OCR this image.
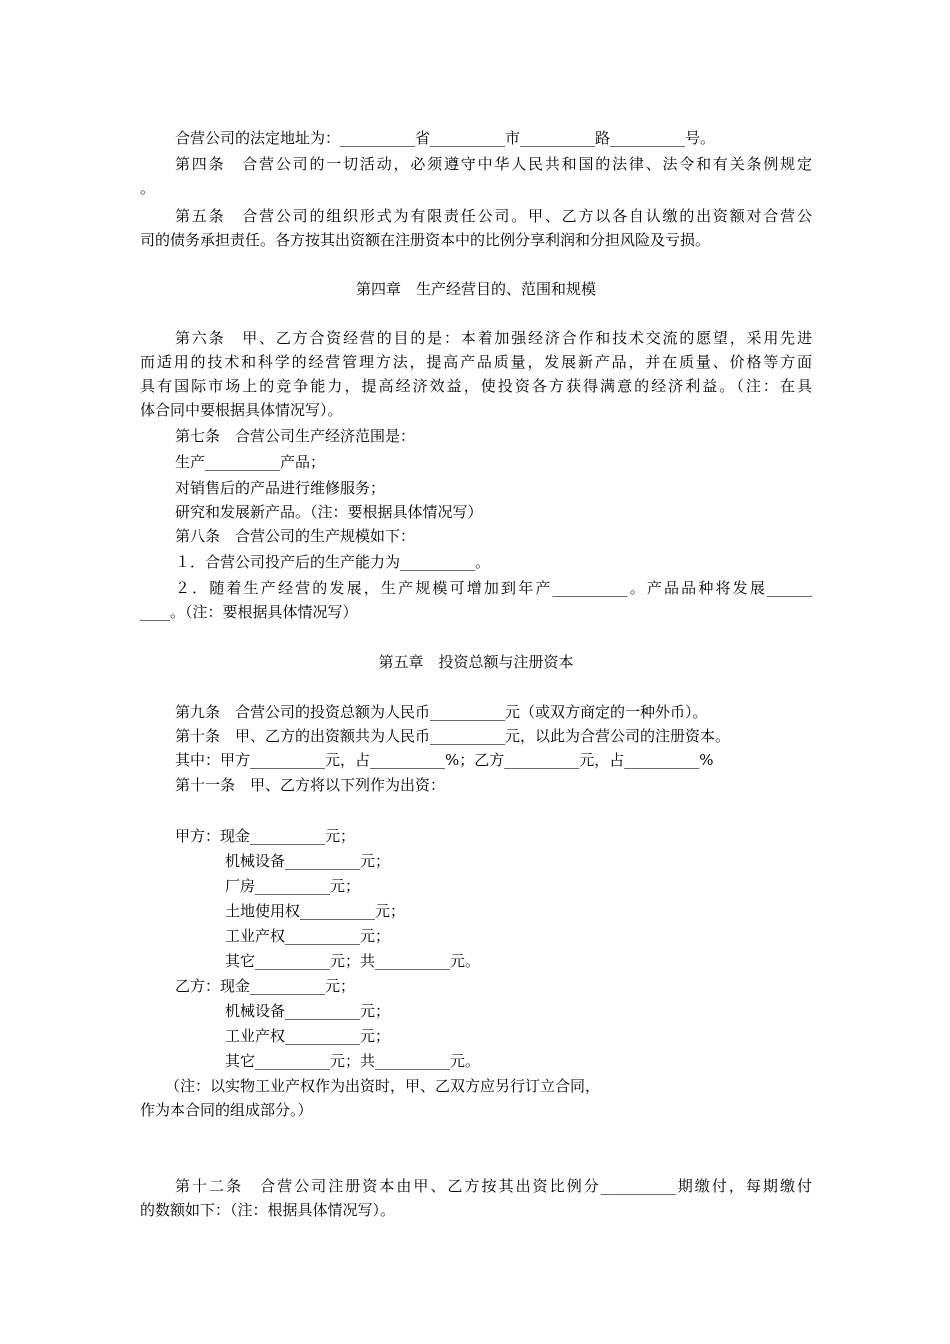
合营公司的法定地址为：__________省__________市__________路__________号。

第四条　合营公司的一切活动，必须遵守中华人民共和国的法律、法令和有关条例规定

。

第五条　合营公司的组织形式为有限责任公司。甲、乙方以各自认缴的出资额对合营公

司的债务承担责任。各方按其出资额在注册资本中的比例分享利润和分担风险及亏损。

第四章　生产经营目的、范围和规模

第六条　甲、乙方合资经营的目的是：本着加强经济合作和技术交流的愿望，采用先进

而适用的技术和科学的经营管理方法，提高产品质量，发展新产品，并在质量、价格等方面

具有国际市场上的竞争能力，提高经济效益，使投资各方获得满意的经济利益。（注：在具

体合同中要根据具体情况写）。

第七条　合营公司生产经济范围是：

生产__________产品；

对销售后的产品进行维修服务；

研究和发展新产品。（注：要根据具体情况写）

第八条　合营公司的生产规模如下：

１．合营公司投产后的生产能力为__________。

２．随着生产经营的发展，生产规模可增加到年产__________。产品品种将发展______

____。（注：要根据具体情况写）

第五章　投资总额与注册资本

第九条　合营公司的投资总额为人民币__________元（或双方商定的一种外币）。

第十条　甲、乙方的出资额共为人民币__________元，以此为合营公司的注册资本。

其中：甲方__________元，占__________%；乙方__________元，占__________%

第十一条　甲、乙方将以下列作为出资：

甲方：现金__________元；

机械设备__________元；

厂房__________元；

土地使用权__________元；

工业产权__________元；

其它__________元；共__________元。

乙方：现金__________元；

机械设备__________元；

工业产权__________元；

其它__________元；共__________元。

（注：以实物工业产权作为出资时，甲、乙双方应另行订立合同，

作为本合同的组成部分。）

第十二条　合营公司注册资本由甲、乙方按其出资比例分__________期缴付，每期缴付

的数额如下：（注：根据具体情况写）。
